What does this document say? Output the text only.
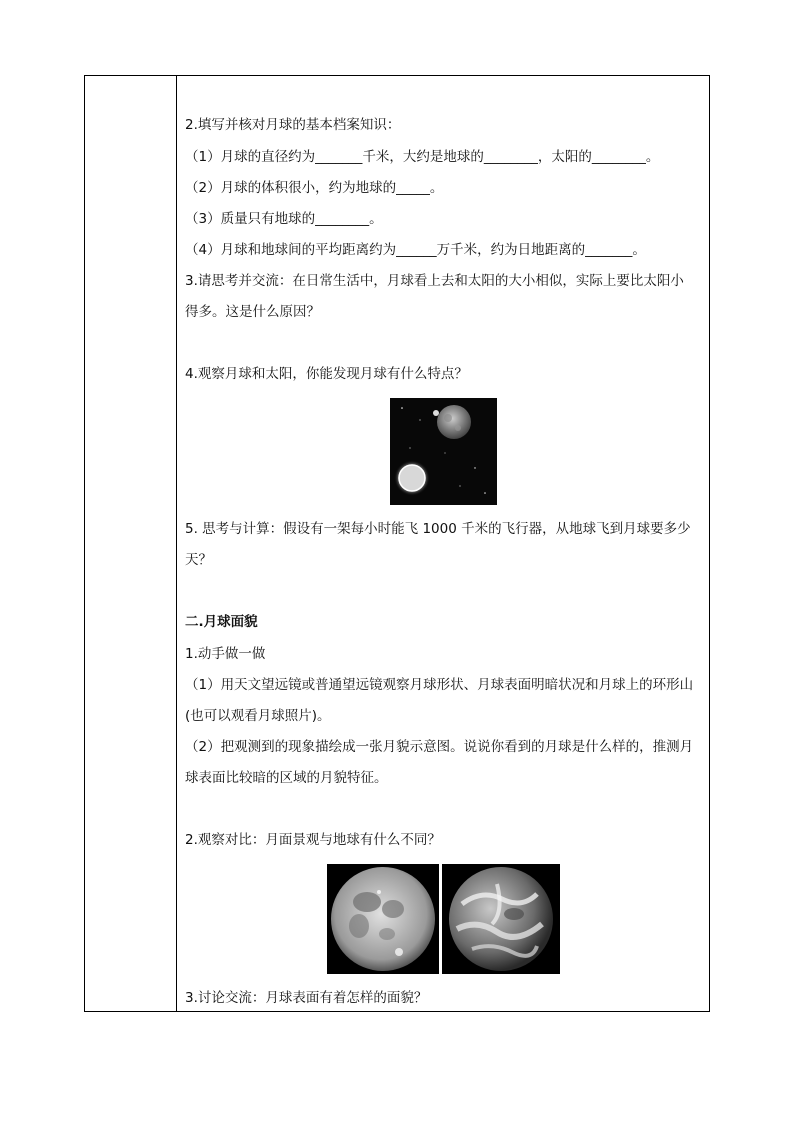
2.填写并核对月球的基本档案知识：
（1）月球的直径约为_______千米，大约是地球的________，太阳的________。
（2）月球的体积很小，约为地球的_____。
（3）质量只有地球的________。
（4）月球和地球间的平均距离约为______万千米，约为日地距离的_______。
3.请思考并交流：在日常生活中，月球看上去和太阳的大小相似，实际上要比太阳小
得多。这是什么原因？
4.观察月球和太阳，你能发现月球有什么特点？
5. 思考与计算：假设有一架每小时能飞 1000 千米的飞行器，从地球飞到月球要多少
天？
二.月球面貌
1.动手做一做
（1）用天文望远镜或普通望远镜观察月球形状、月球表面明暗状况和月球上的环形山
(也可以观看月球照片)。
（2）把观测到的现象描绘成一张月貌示意图。说说你看到的月球是什么样的，推测月
球表面比较暗的区域的月貌特征。
2.观察对比：月面景观与地球有什么不同？
3.讨论交流：月球表面有着怎样的面貌？
